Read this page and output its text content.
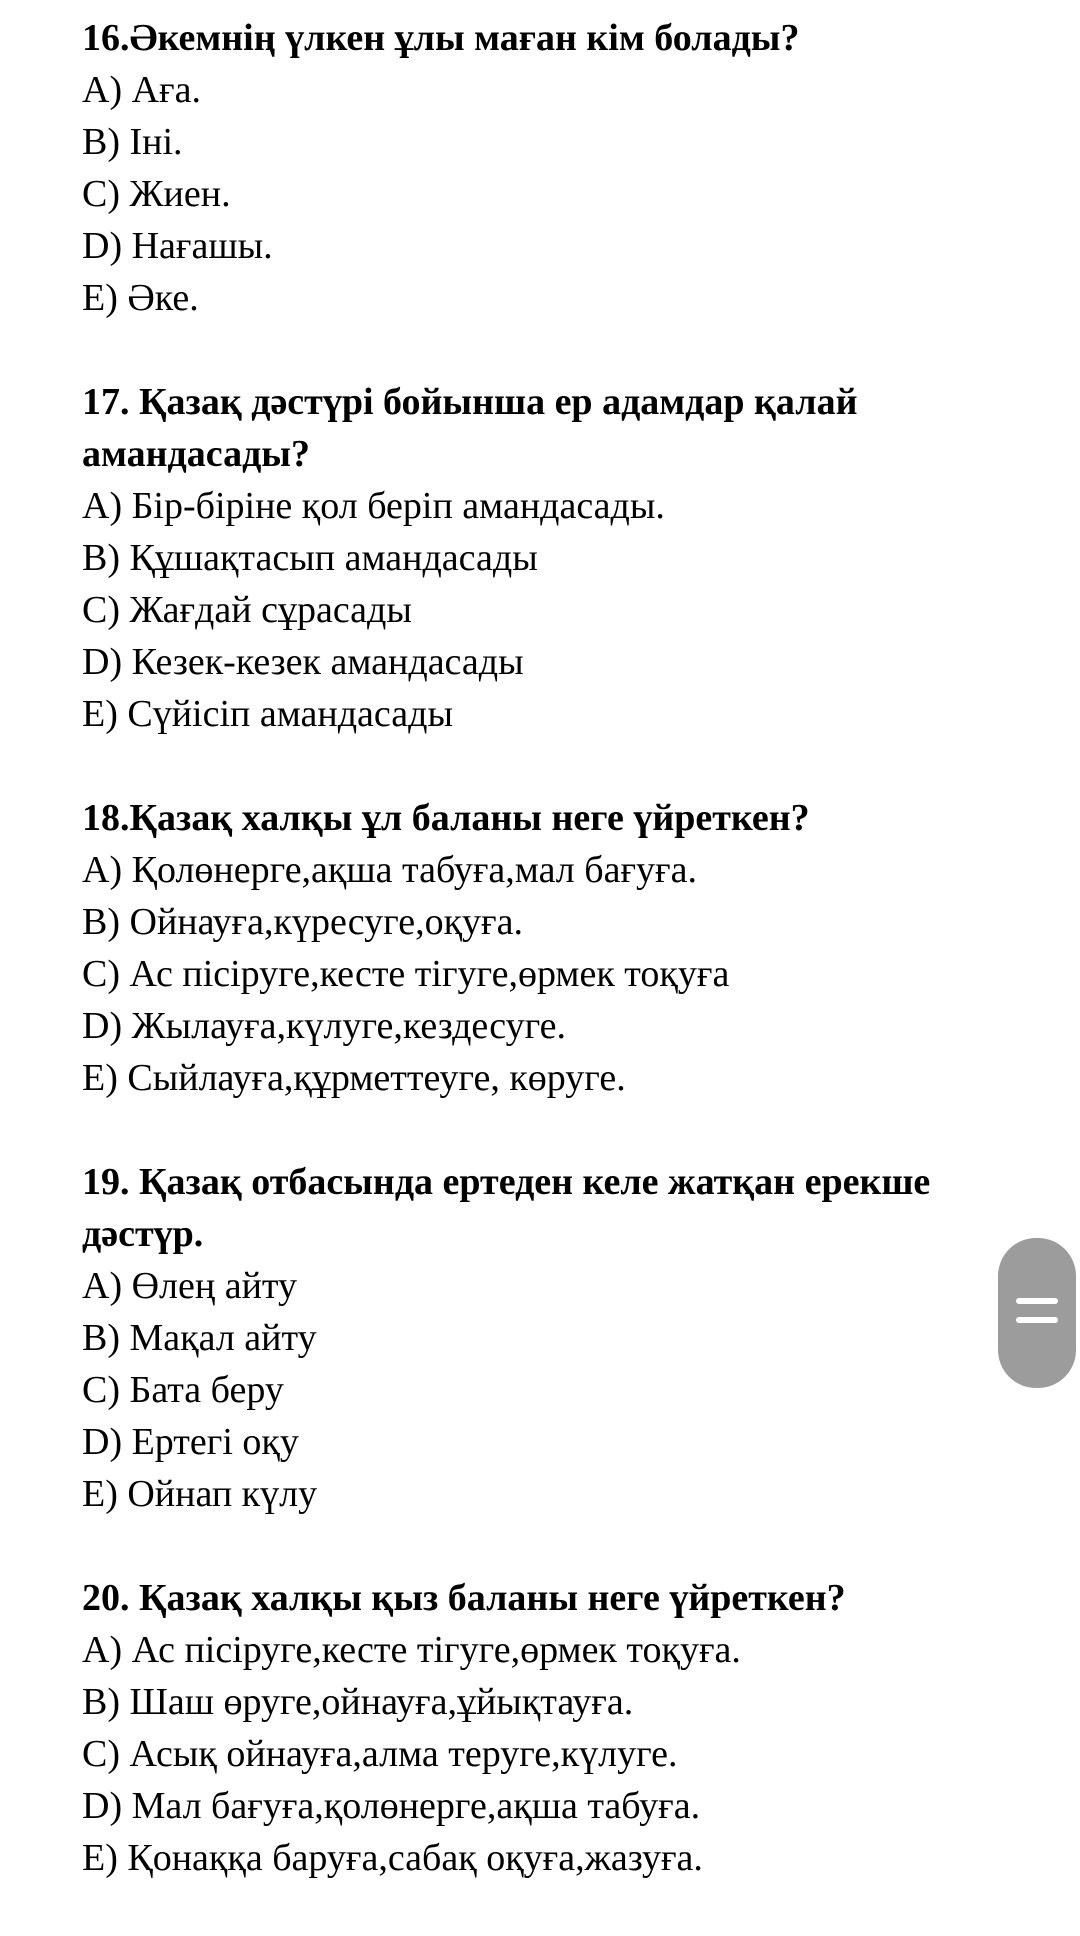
16.Әкемнің үлкен ұлы маған кім болады?

A) Аға.

B) Іні.

C) Жиен.

D) Нағашы.

E) Әке.

17. Қазақ дәстүрі бойынша ер адамдар қалай амандасады?

A) Бір-біріне қол беріп амандасады.

B) Құшақтасып амандасады

C) Жағдай сұрасады

D) Кезек-кезек амандасады

E) Сүйісіп амандасады

18.Қазақ халқы ұл баланы неге үйреткен?

A) Қолөнерге,ақша табуға,мал бағуға.

B) Ойнауға,күресуге,оқуға.

C) Ас пісіруге,кесте тігуге,өрмек тоқуға

D) Жылауға,күлуге,кездесуге.

E) Сыйлауға,құрметтеуге, көруге.

19. Қазақ отбасында ертеден келе жатқан ерекше дәстүр.

A) Өлең айту

B) Мақал айту

C) Бата беру

D) Ертегі оқу

E) Ойнап күлу

20. Қазақ халқы қыз баланы неге үйреткен?

A) Ас пісіруге,кесте тігуге,өрмек тоқуға.

B) Шаш өруге,ойнауға,ұйықтауға.

C) Асық ойнауға,алма теруге,күлуге.

D) Мал бағуға,қолөнерге,ақша табуға.

E) Қонаққа баруға,сабақ оқуға,жазуға.
